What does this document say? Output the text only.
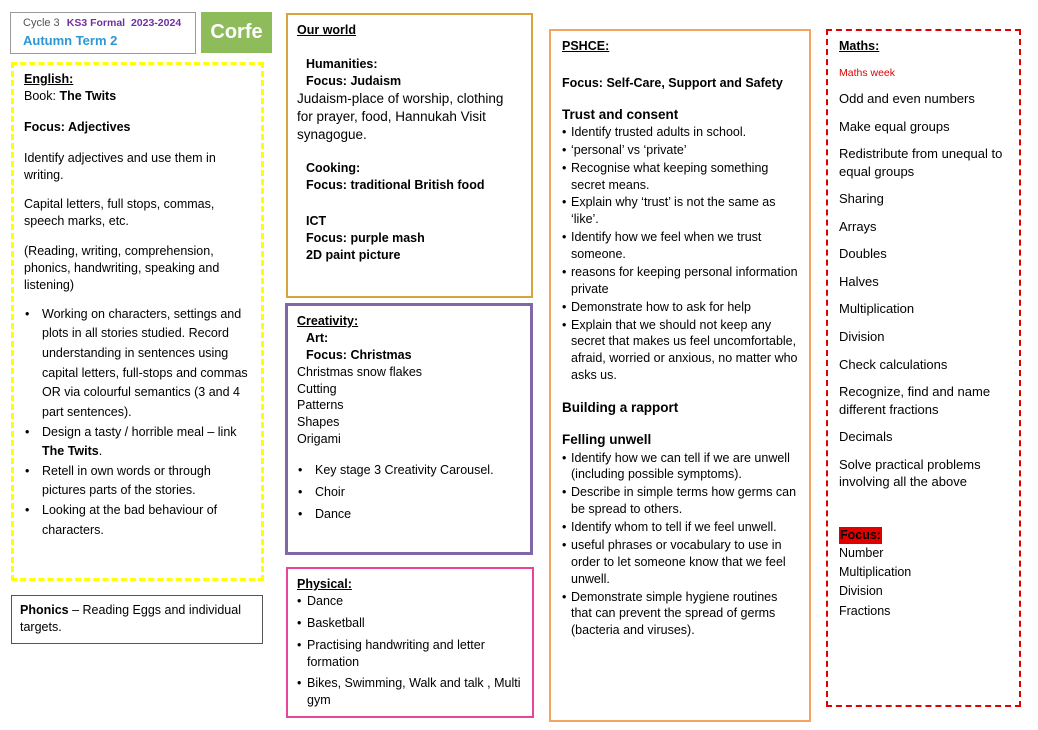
Cycle 3 KS3 Formal 2023-2024
Autumn Term 2	Corfe
English:
Book: The Twits
Focus: Adjectives
Identify adjectives and use them in writing.
Capital letters, full stops, commas, speech marks, etc.
(Reading, writing, comprehension, phonics, handwriting, speaking and listening)
• Working on characters, settings and plots in all stories studied. Record understanding in sentences using capital letters, full-stops and commas OR via colourful semantics (3 and 4 part sentences).
• Design a tasty / horrible meal – link The Twits.
• Retell in own words or through pictures parts of the stories.
• Looking at the bad behaviour of characters.
Phonics – Reading Eggs and individual targets.
Our world
Humanities:
Focus: Judaism
Judaism-place of worship, clothing for prayer, food, Hannukah Visit synagogue.
Cooking:
Focus: traditional British food
ICT
Focus: purple mash
2D paint picture
Creativity:
Art:
Focus: Christmas
Christmas snow flakes
Cutting
Patterns
Shapes
Origami
• Key stage 3 Creativity Carousel.
• Choir
• Dance
Physical:
• Dance
• Basketball
• Practising handwriting and letter formation
• Bikes, Swimming, Walk and talk , Multi gym
PSHCE:
Focus: Self-Care, Support and Safety
Trust and consent
• Identify trusted adults in school.
• ‘personal’ vs ‘private’
• Recognise what keeping something secret means.
• Explain why ‘trust’ is not the same as ‘like’.
• Identify how we feel when we trust someone.
• reasons for keeping personal information private
• Demonstrate how to ask for help
• Explain that we should not keep any secret that makes us feel uncomfortable, afraid, worried or anxious, no matter who asks us.
Building a rapport
Felling unwell
• Identify how we can tell if we are unwell (including possible symptoms).
• Describe in simple terms how germs can be spread to others.
• Identify whom to tell if we feel unwell.
• useful phrases or vocabulary to use in order to let someone know that we feel unwell.
• Demonstrate simple hygiene routines that can prevent the spread of germs (bacteria and viruses).
Maths:
Maths week
Odd and even numbers
Make equal groups
Redistribute from unequal to equal groups
Sharing
Arrays
Doubles
Halves
Multiplication
Division
Check calculations
Recognize, find and name different fractions
Decimals
Solve practical problems involving all the above
Focus:
Number
Multiplication
Division
Fractions
